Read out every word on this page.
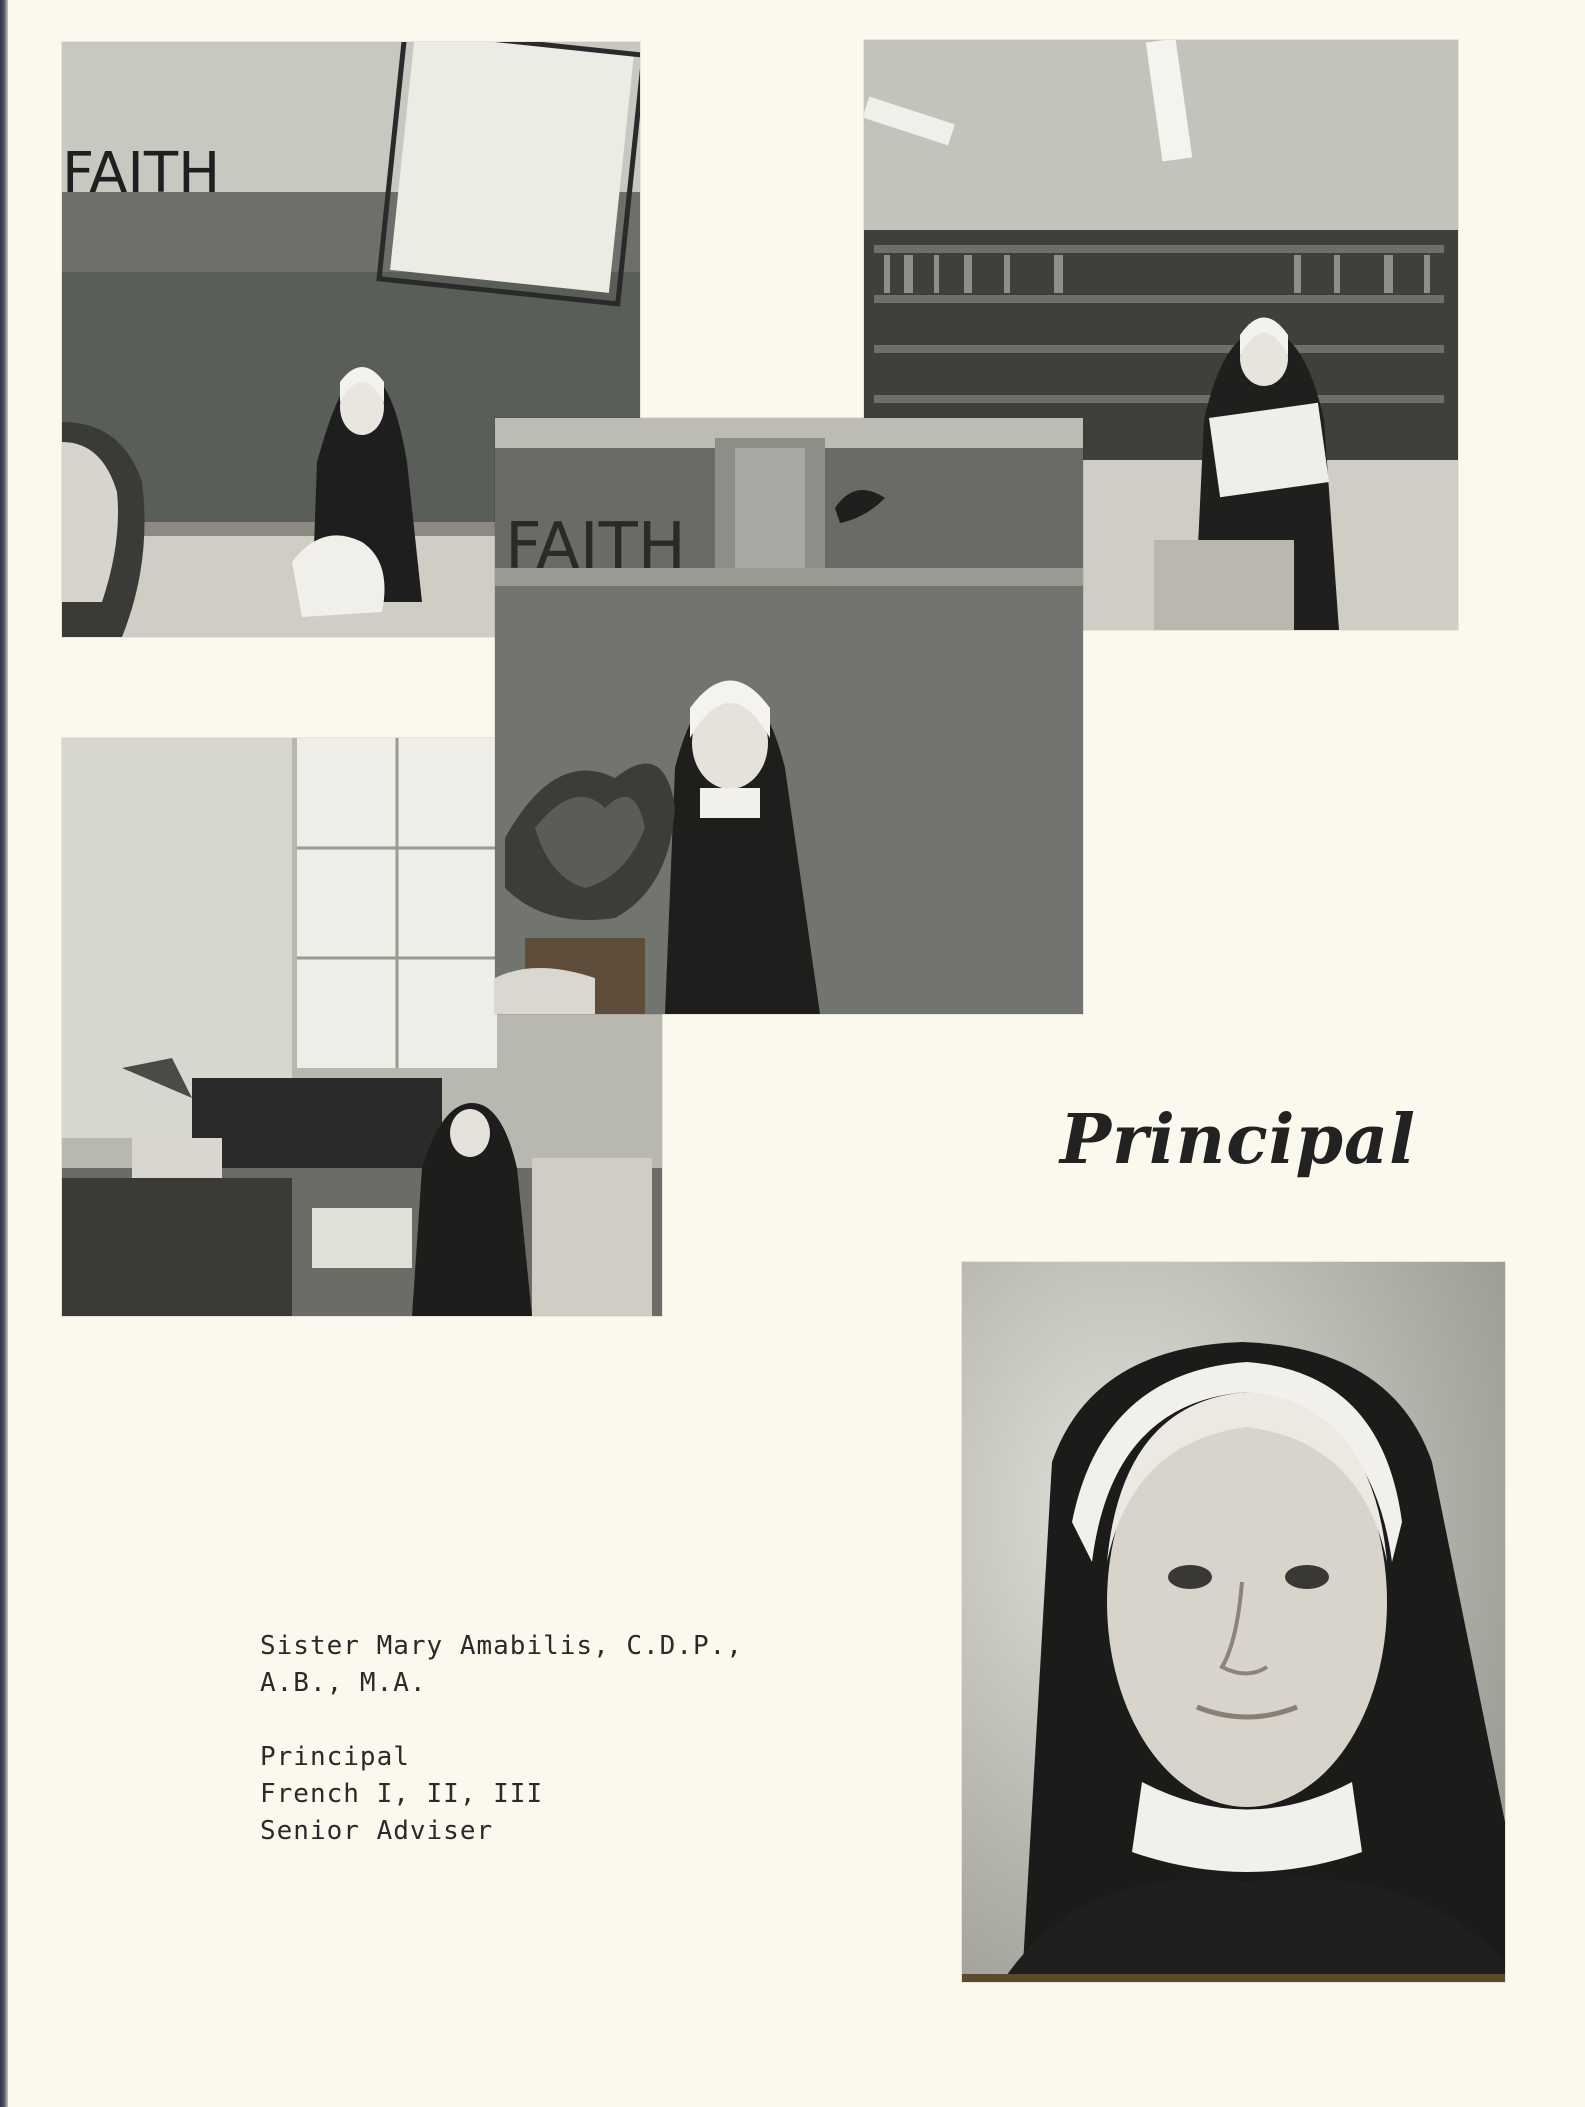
FAITH
FAITH
Principal
Sister Mary Amabilis, C.D.P.,
A.B., M.A.
Principal
French I, II, III
Senior Adviser
